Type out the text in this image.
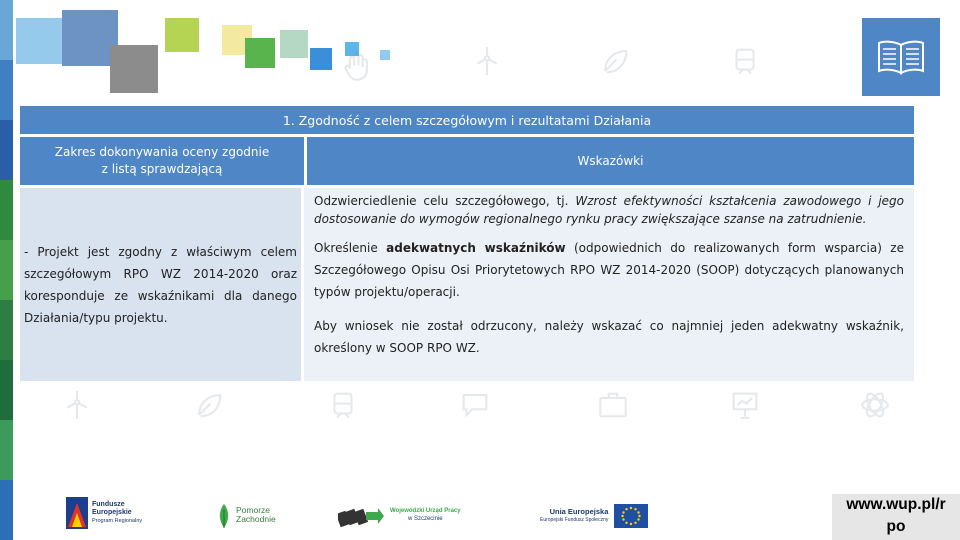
1. Zgodność z celem szczegółowym i rezultatami Działania
Zakres dokonywania oceny zgodnie
z listą sprawdzającą
Wskazówki

- Projekt jest zgodny z właściwym celem szczegółowym RPO WZ 2014-2020 oraz koresponduje ze wskaźnikami dla danego Działania/typu projektu.

Odzwierciedlenie celu szczegółowego, tj. Wzrost efektywności kształcenia zawodowego i jego dostosowanie do wymogów regionalnego rynku pracy zwiększające szanse na zatrudnienie.

Określenie adekwatnych wskaźników (odpowiednich do realizowanych form wsparcia) ze Szczegółowego Opisu Osi Priorytetowych RPO WZ 2014-2020 (SOOP) dotyczących planowanych typów projektu/operacji.

Aby wniosek nie został odrzucony, należy wskazać co najmniej jeden adekwatny wskaźnik, określony w SOOP RPO WZ.

Fundusze
Europejskie
Program Regionalny
Pomorze
Zachodnie
Wojewódzki Urząd Pracy
w Szczecinie
Unia Europejska
Europejski Fundusz Społeczny
www.wup.pl/r
po
